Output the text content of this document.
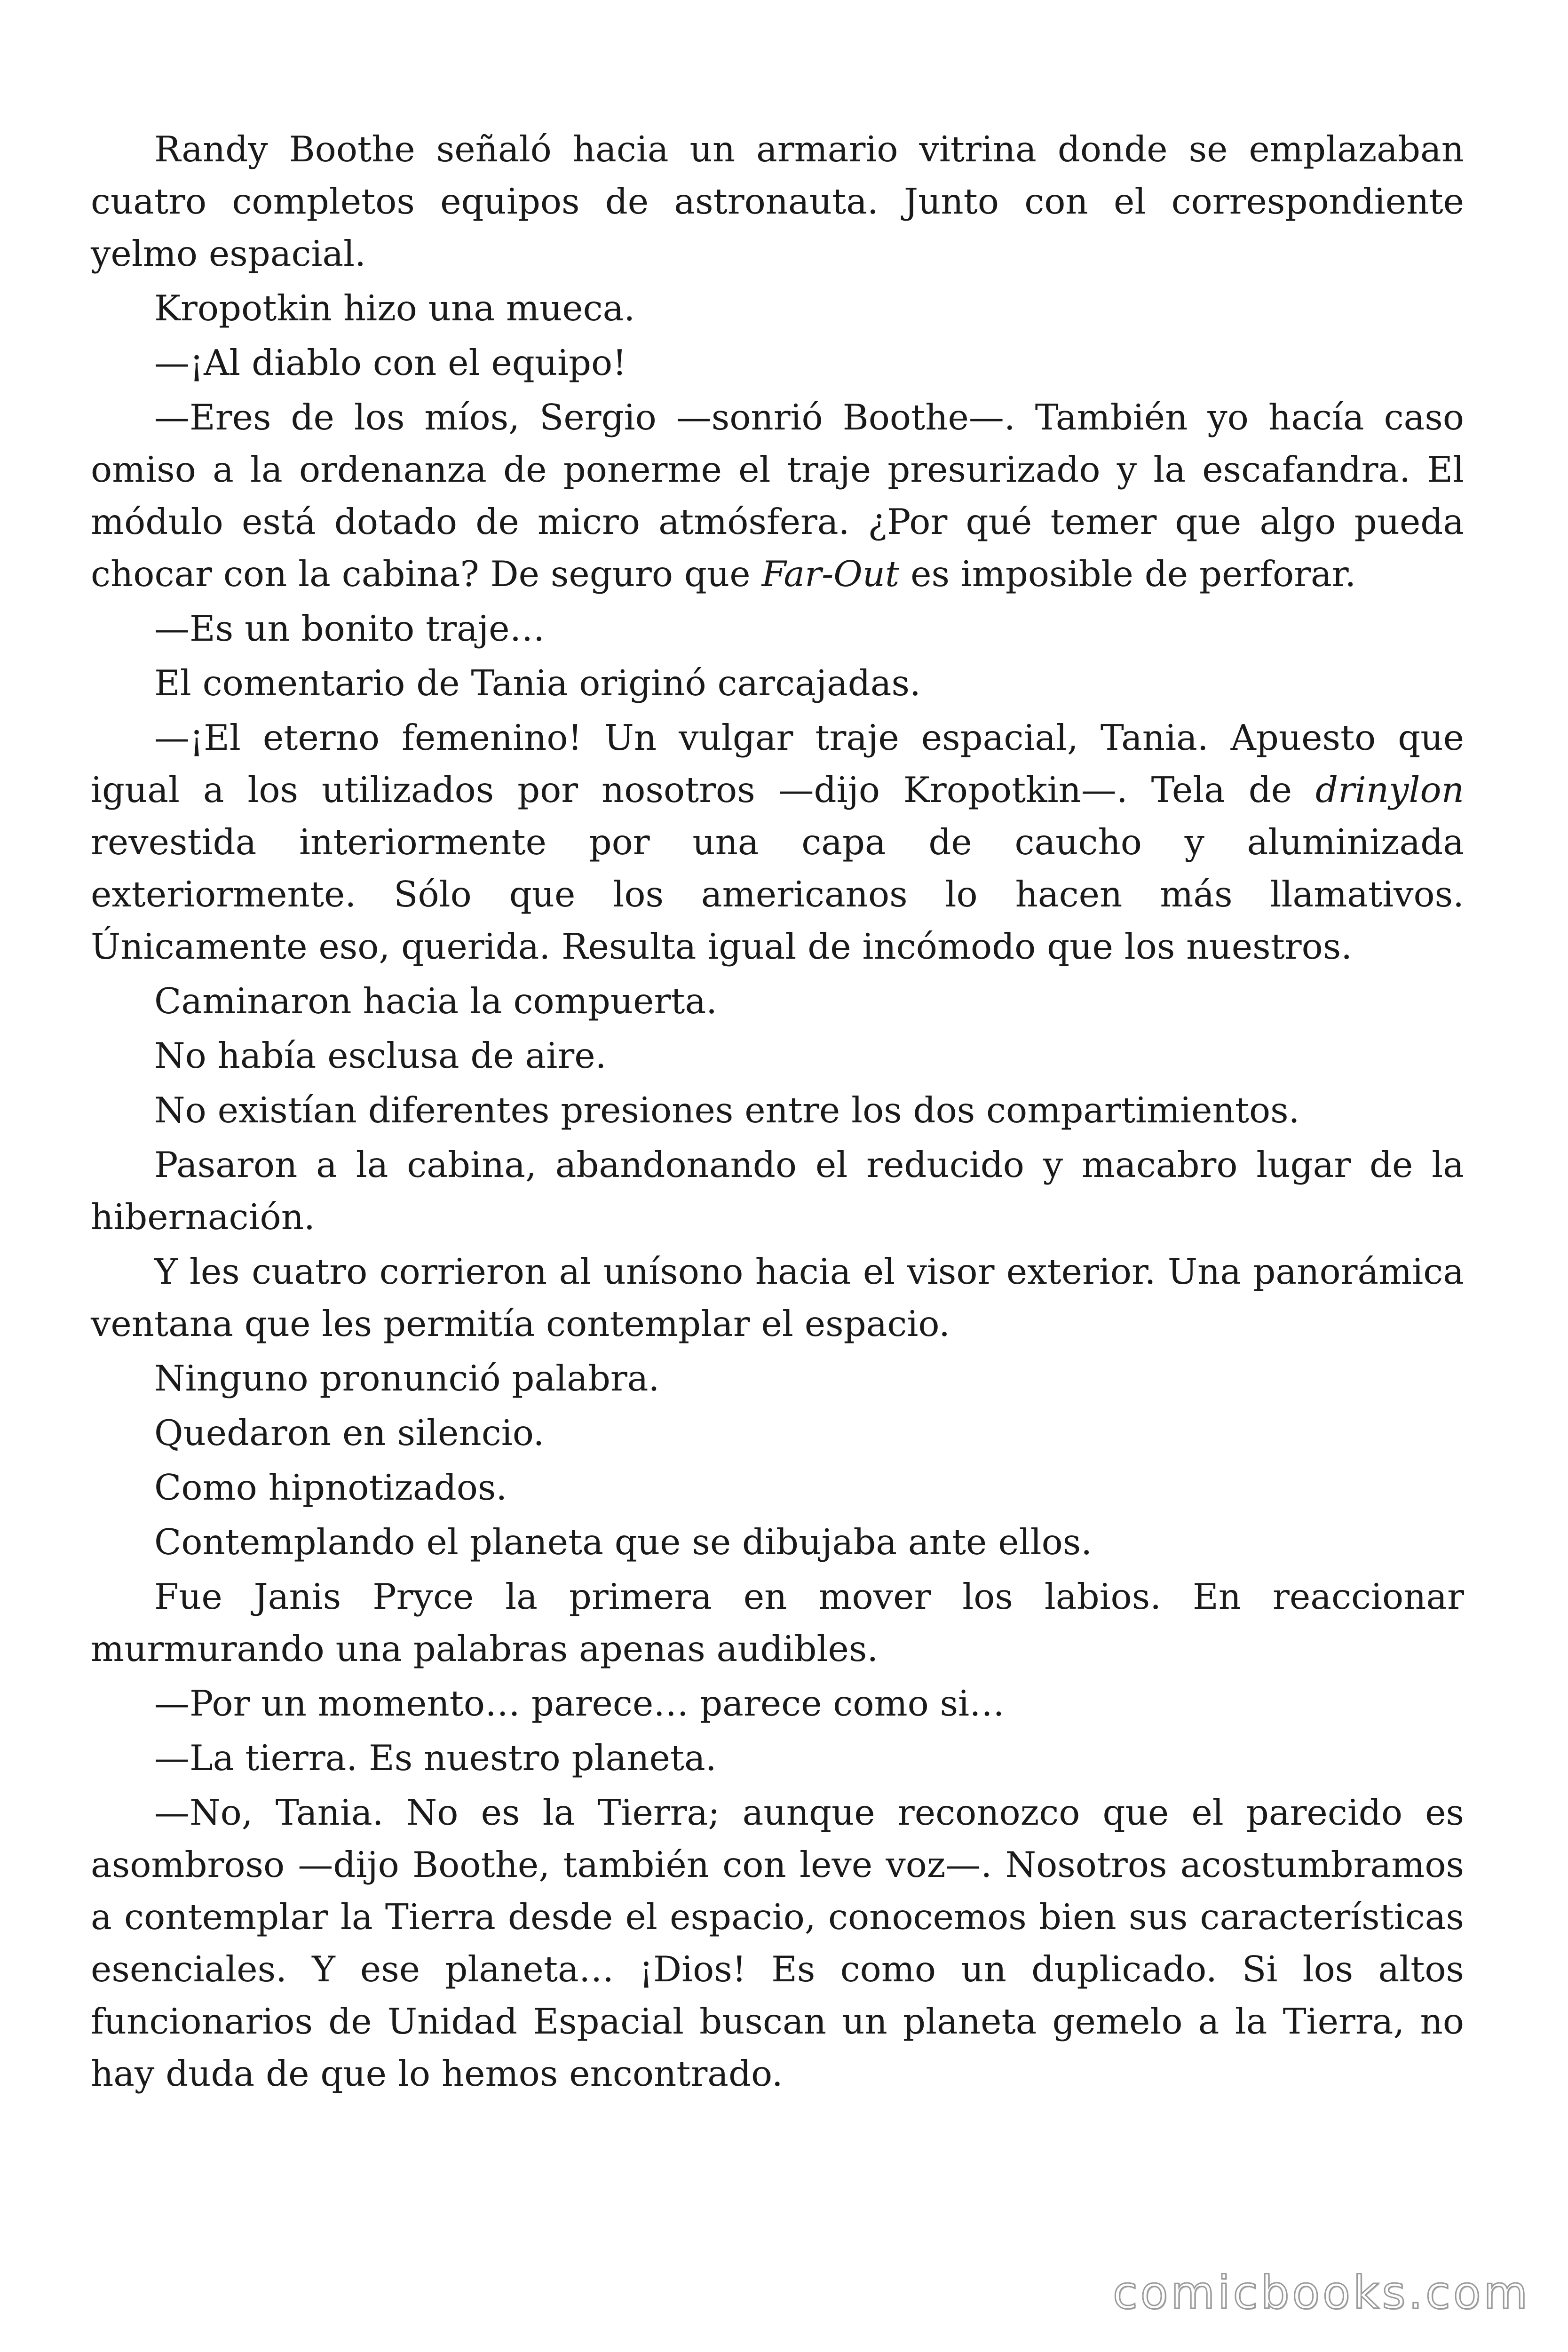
Randy Boothe señaló hacia un armario vitrina donde se emplazaban cuatro completos equipos de astronauta. Junto con el correspondiente yelmo espacial.

Kropotkin hizo una mueca.

—¡Al diablo con el equipo!

—Eres de los míos, Sergio —sonrió Boothe—. También yo hacía caso omiso a la ordenanza de ponerme el traje presurizado y la escafandra. El módulo está dotado de micro atmósfera. ¿Por qué temer que algo pueda chocar con la cabina? De seguro que Far-Out es imposible de perforar.

—Es un bonito traje…

El comentario de Tania originó carcajadas.

—¡El eterno femenino! Un vulgar traje espacial, Tania. Apuesto que igual a los utilizados por nosotros —dijo Kropotkin—. Tela de drinylon revestida interiormente por una capa de caucho y aluminizada exteriormente. Sólo que los americanos lo hacen más llamativos. Únicamente eso, querida. Resulta igual de incómodo que los nuestros.

Caminaron hacia la compuerta.

No había esclusa de aire.

No existían diferentes presiones entre los dos compartimientos.

Pasaron a la cabina, abandonando el reducido y macabro lugar de la hibernación.

Y les cuatro corrieron al unísono hacia el visor exterior. Una panorámica ventana que les permitía contemplar el espacio.

Ninguno pronunció palabra.

Quedaron en silencio.

Como hipnotizados.

Contemplando el planeta que se dibujaba ante ellos.

Fue Janis Pryce la primera en mover los labios. En reaccionar murmurando una palabras apenas audibles.

—Por un momento… parece… parece como si…

—La tierra. Es nuestro planeta.

—No, Tania. No es la Tierra; aunque reconozco que el parecido es asombroso —dijo Boothe, también con leve voz—. Nosotros acostumbramos a contemplar la Tierra desde el espacio, conocemos bien sus características esenciales. Y ese planeta… ¡Dios! Es como un duplicado. Si los altos funcionarios de Unidad Espacial buscan un planeta gemelo a la Tierra, no hay duda de que lo hemos encontrado.

comicbooks.com
